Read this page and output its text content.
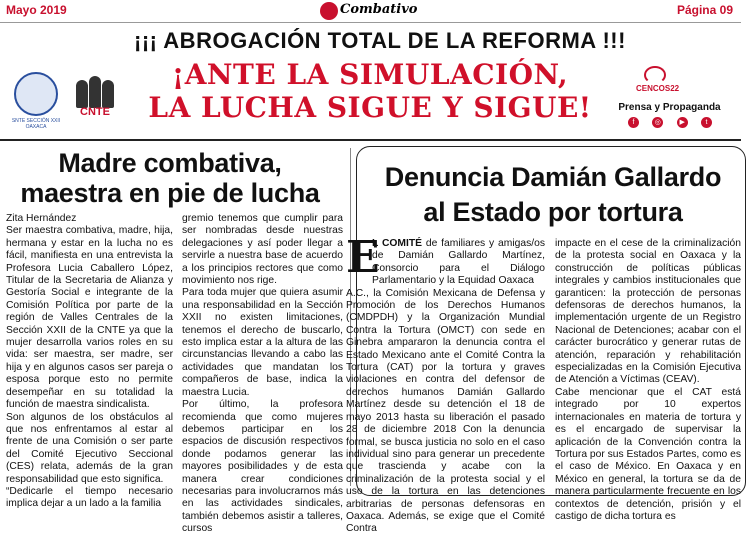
Mayo 2019	Combativo	Página 09
SNTE SECCIÓN XXII OAXACA
CNTE
¡¡¡ ABROGACIÓN TOTAL DE LA REFORMA !!!
¡ANTE LA SIMULACIÓN,
LA LUCHA SIGUE Y SIGUE!
CENCOS22
Prensa y Propaganda
f	◎	▶	t
Madre combativa,
maestra en pie de lucha

Zita Hernández

Ser maestra combativa, madre, hija, hermana y estar en la lucha no es fácil, manifiesta en una entrevista la Profesora Lucia Caballero López, Titular de la Secretaria de Alianza y Gestoría Social e integrante de la Comisión Política por parte de la región de Valles Centrales de la Sección XXII de la CNTE ya que la mujer desarrolla varios roles en su vida: ser maestra, ser madre, ser hija y en algunos casos ser pareja o esposa porque esto no permite desempeñar en su totalidad la función de maestra sindicalista.

Son algunos de los obstáculos al que nos enfrentamos al estar al frente de una Comisión o ser parte del Comité Ejecutivo Seccional (CES) relata, además de la gran responsabilidad que esto significa.

“Dedicarle el tiempo necesario implica dejar a un lado a la familia

gremio tenemos que cumplir para ser nombradas desde nuestras delegaciones y así poder llegar a servirle a nuestra base de acuerdo a los principios rectores que como movimiento nos rige.

Para toda mujer que quiera asumir una responsabilidad en la Sección XXII no existen limitaciones, tenemos el derecho de buscarlo, esto implica estar a la altura de las circunstancias llevando a cabo las actividades que mandatan los compañeros de base, indica la maestra Lucia.

Por último, la profesora recomienda que como mujeres debemos participar en los espacios de discusión respectivos donde podamos generar las mayores posibilidades y de esta manera crear condiciones necesarias para involucrarnos más en las actividades sindicales, también debemos asistir a talleres, cursos

Denuncia Damián Gallardo
al Estado por tortura
E

L COMITÉ de familiares y amigas/os de Damián Gallardo Martínez, Consorcio para el Diálogo Parlamentario y la Equidad Oaxaca

A.C., la Comisión Mexicana de Defensa y Promoción de los Derechos Humanos (CMDPDH) y la Organización Mundial Contra la Tortura (OMCT) con sede en Ginebra ampararon la denuncia contra el Estado Mexicano ante el Comité Contra la Tortura (CAT) por la tortura y graves violaciones en contra del defensor de derechos humanos Damián Gallardo Martínez desde su detención el 18 de mayo 2013 hasta su liberación el pasado 28 de diciembre 2018 Con la denuncia formal, se busca justicia no solo en el caso individual sino para generar un precedente que trascienda y acabe con la criminalización de la protesta social y el uso de la tortura en las detenciones arbitrarias de personas defensoras en Oaxaca. Además, se exige que el Comité Contra

impacte en el cese de la criminalización de la protesta social en Oaxaca y la construcción de políticas públicas integrales y cambios institucionales que garanticen: la protección de personas defensoras de derechos humanos, la implementación urgente de un Registro Nacional de Detenciones; acabar con el carácter burocrático y generar rutas de atención, reparación y rehabilitación especializadas en la Comisión Ejecutiva de Atención a Víctimas (CEAV).

Cabe mencionar que el CAT está integrado por 10 expertos internacionales en materia de tortura y es el encargado de supervisar la aplicación de la Convención contra la Tortura por sus Estados Partes, como es el caso de México. En Oaxaca y en México en general, la tortura se da de manera particularmente frecuente en los contextos de detención, prisión y el castigo de dicha tortura es
